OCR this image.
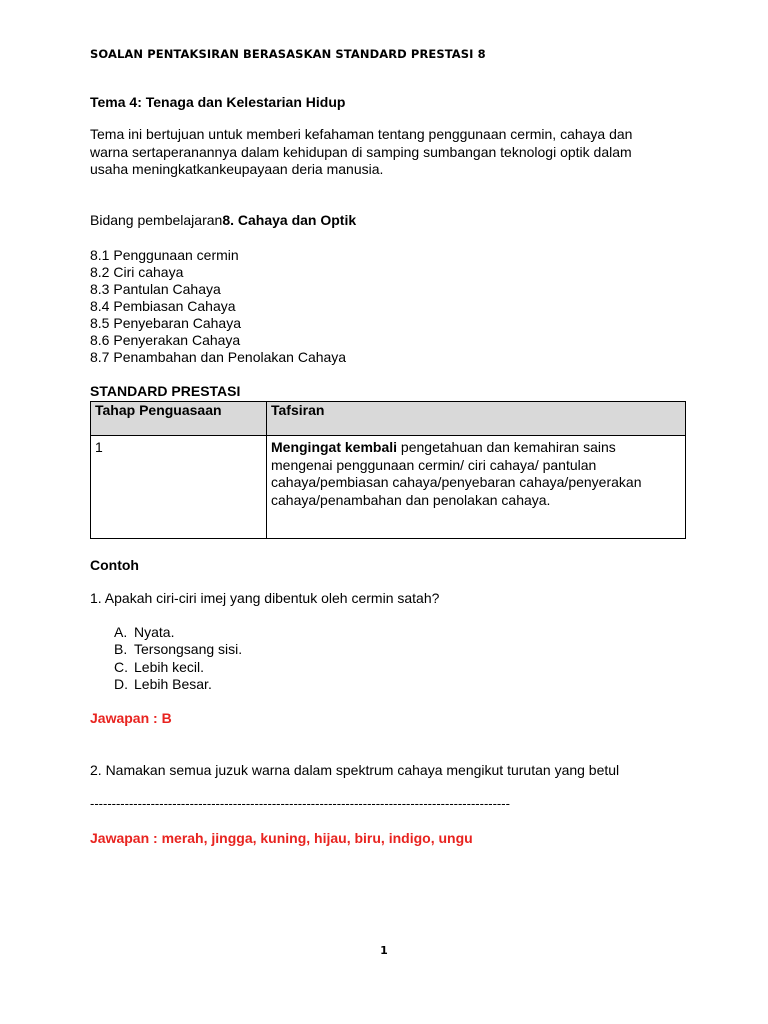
SOALAN PENTAKSIRAN BERASASKAN STANDARD PRESTASI 8
Tema 4: Tenaga dan Kelestarian Hidup
Tema ini bertujuan untuk memberi kefahaman tentang penggunaan cermin, cahaya dan warna sertaperanannya dalam kehidupan di samping sumbangan teknologi optik dalam usaha meningkatkankeupayaan deria manusia.
Bidang pembelajaran8. Cahaya dan Optik
8.1 Penggunaan cermin
8.2 Ciri cahaya
8.3 Pantulan Cahaya
8.4 Pembiasan Cahaya
8.5 Penyebaran Cahaya
8.6 Penyerakan Cahaya
8.7 Penambahan dan Penolakan Cahaya
STANDARD PRESTASI
Tahap Penguasaan	Tafsiran
1	Mengingat kembali pengetahuan dan kemahiran sains mengenai penggunaan cermin/ ciri cahaya/ pantulan cahaya/pembiasan cahaya/penyebaran cahaya/penyerakan cahaya/penambahan dan penolakan cahaya.
Contoh
1. Apakah ciri-ciri imej yang dibentuk oleh cermin satah?
A. Nyata.
B. Tersongsang sisi.
C. Lebih kecil.
D. Lebih Besar.
Jawapan : B
2. Namakan semua juzuk warna dalam spektrum cahaya mengikut turutan yang betul
-------------------------------------------------------------------------------------------------
Jawapan : merah, jingga, kuning, hijau, biru, indigo, ungu
1
